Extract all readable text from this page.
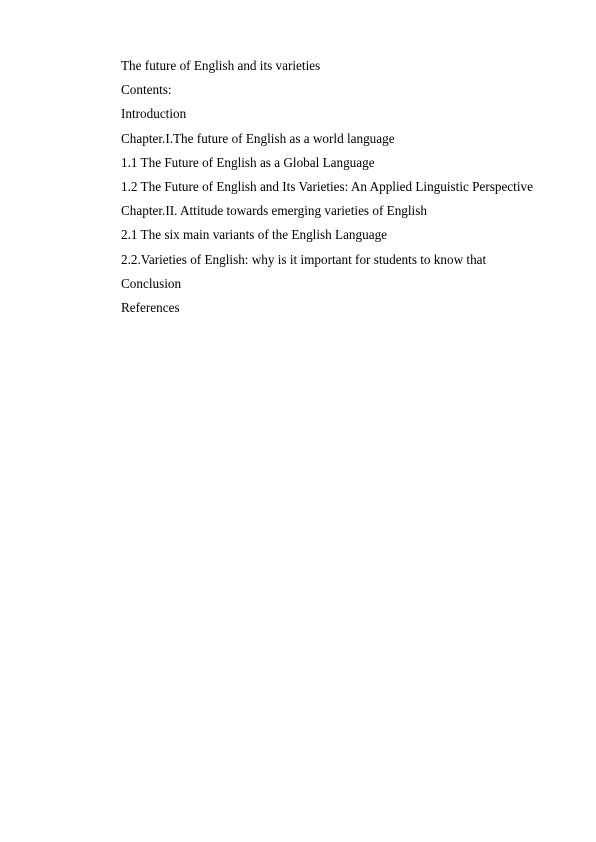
The future of English and its varieties
Contents:
Introduction
Chapter.I.The future of English as a world language
1.1 The Future of English as a Global Language
1.2 The Future of English and Its Varieties: An Applied Linguistic Perspective
Chapter.II. Attitude towards emerging varieties of English
2.1 The six main variants of the English Language
2.2.Varieties of English: why is it important for students to know that
Conclusion
References
